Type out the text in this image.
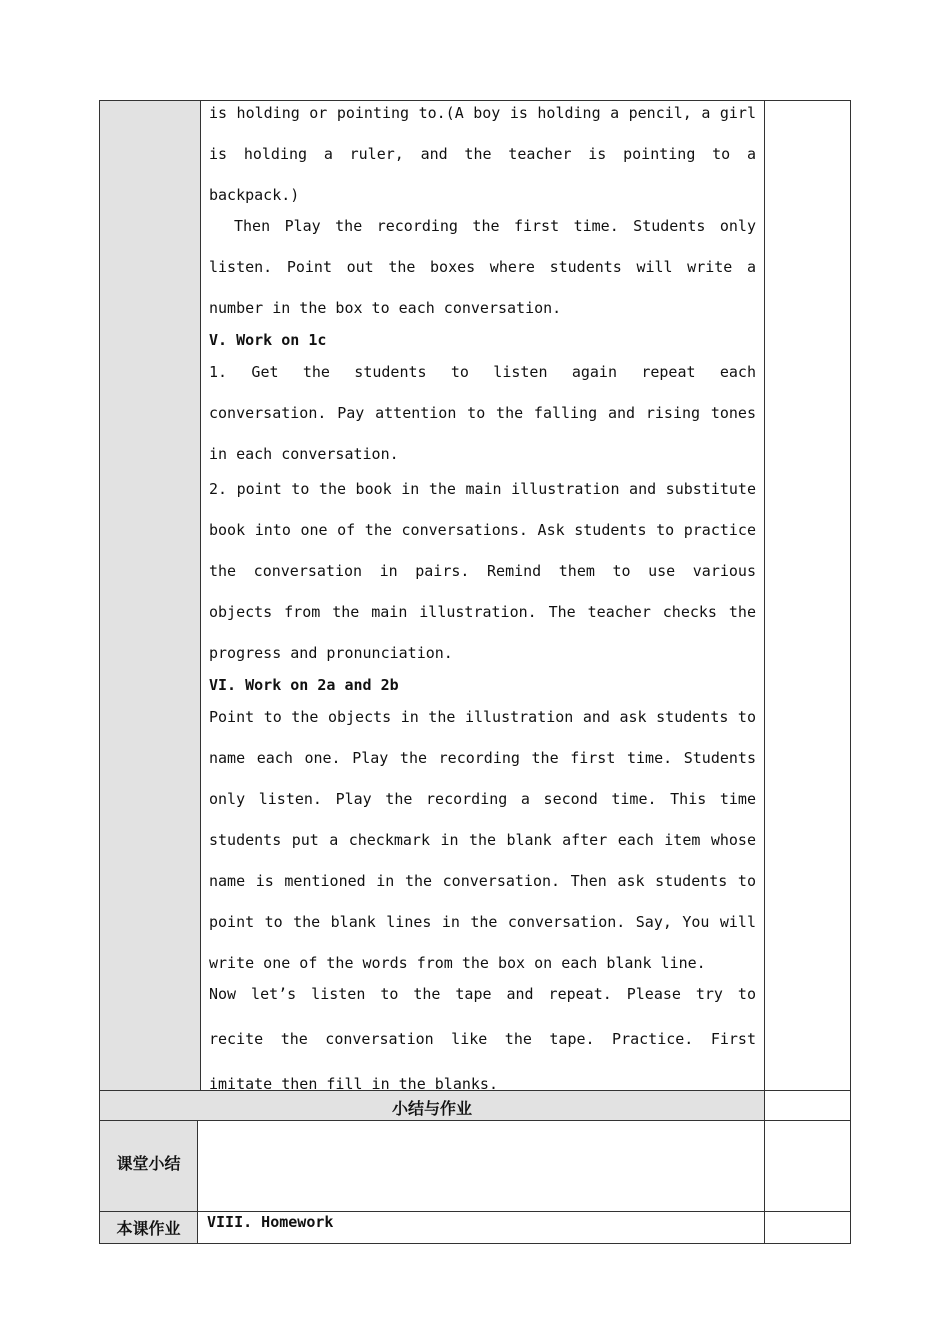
is holding or pointing to.(A boy is holding a pencil, a girl is holding a ruler, and the teacher is pointing to a backpack.)

Then Play the recording the first time. Students only listen. Point out the boxes where students will write a number in the box to each conversation.

V. Work on 1c

1. Get the students to listen again repeat each conversation. Pay attention to the falling and rising tones in each conversation.

2. point to the book in the main illustration and substitute book into one of the conversations. Ask students to practice the conversation in pairs. Remind them to use various objects from the main illustration. The teacher checks the progress and pronunciation.

VI. Work on 2a and 2b

Point to the objects in the illustration and ask students to name each one. Play the recording the first time. Students only listen. Play the recording a second time. This time students put a checkmark in the blank after each item whose name is mentioned in the conversation. Then ask students to point to the blank lines in the conversation. Say, You will write one of the words from the box on each blank line.

Now let’s listen to the tape and repeat. Please try to recite the conversation like the tape. Practice. First imitate then fill in the blanks.

小结与作业
课堂小结
本课作业	VIII. Homework
